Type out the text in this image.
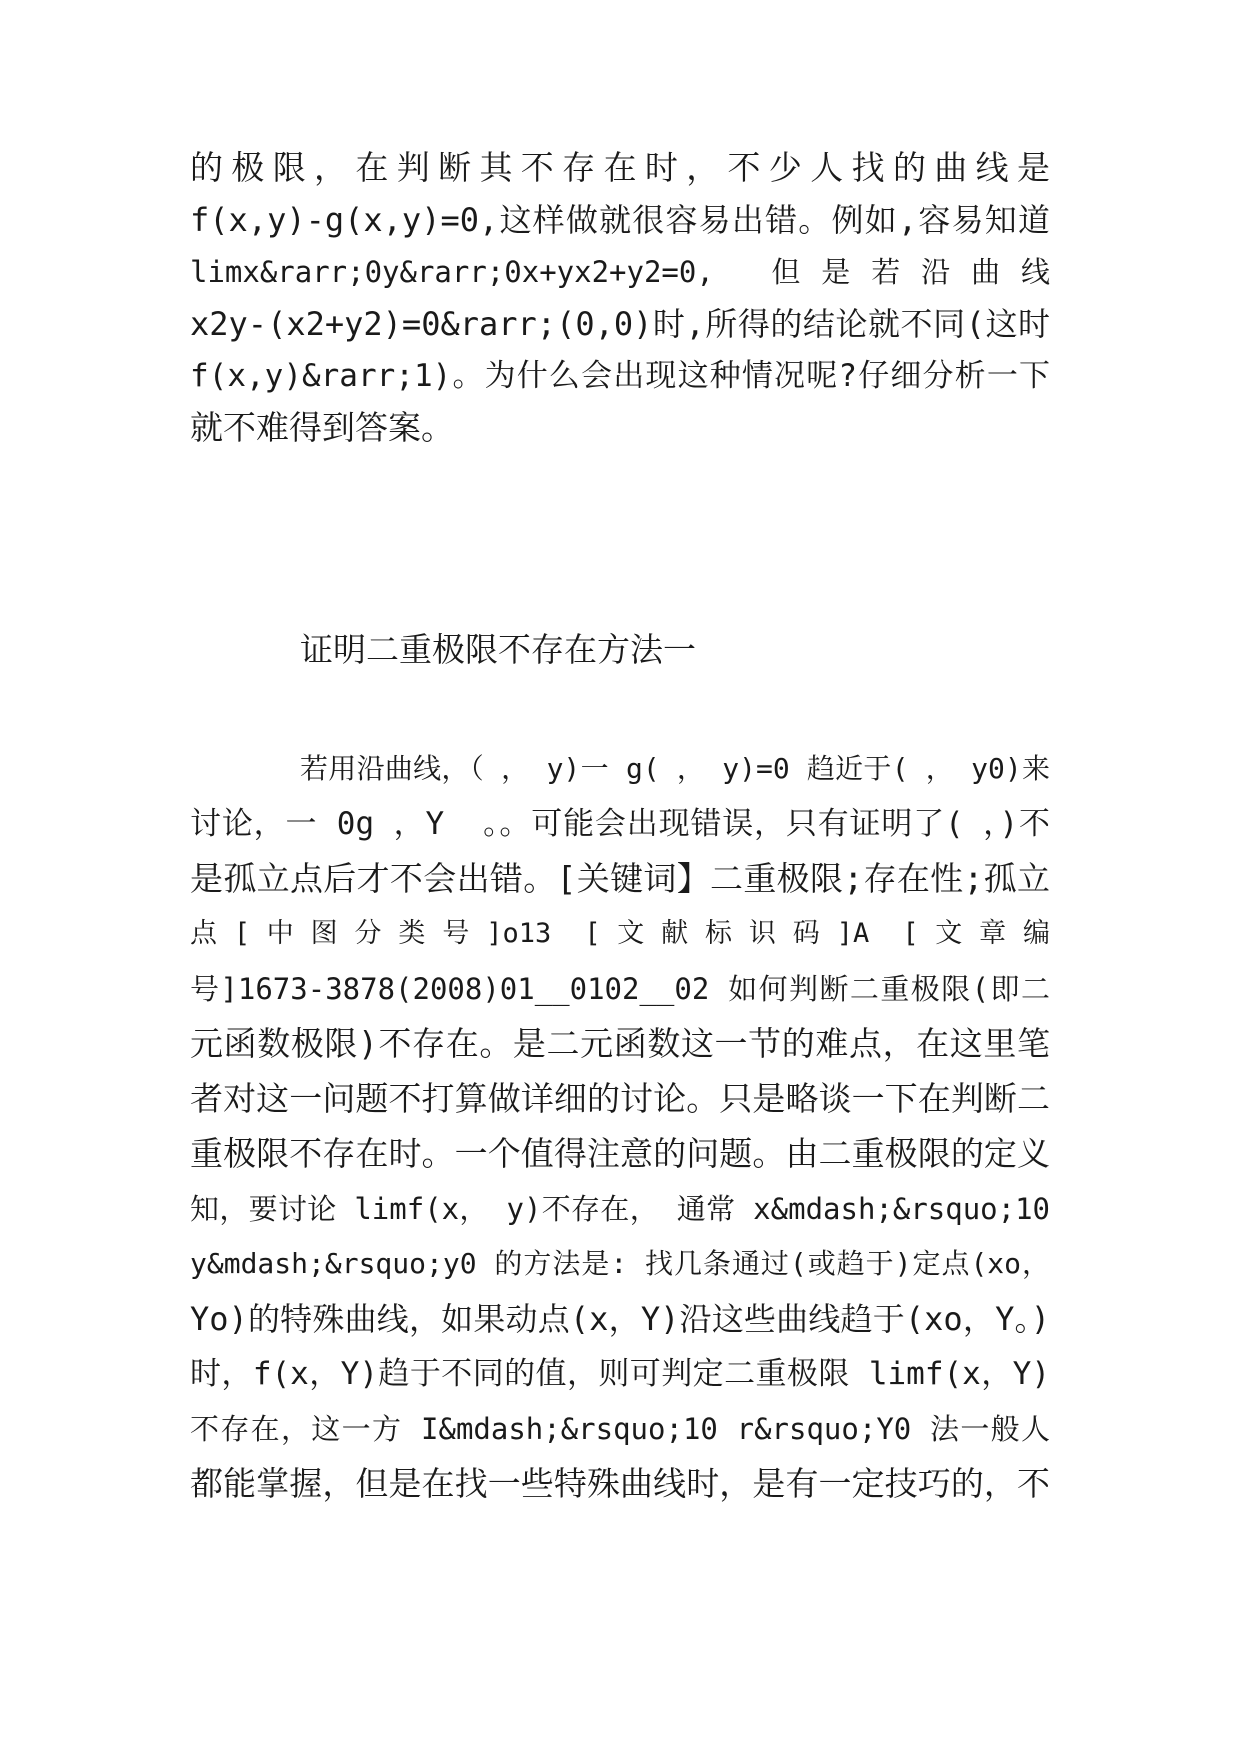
的极限，在判断其不存在时，不少人找的曲线是
f(x,y)-g(x,y)=0,这样做就很容易出错。例如,容易知道
limx&rarr;0y&rarr;0x+yx2+y2=0,   但 是 若 沿 曲 线
x2y-(x2+y2)=0&rarr;(0,0)时,所得的结论就不同(这时
f(x,y)&rarr;1)。为什么会出现这种情况呢?仔细分析一下
就不难得到答案。
证明二重极限不存在方法一
若用沿曲线，（ ， y)一 g( ， y)=0 趋近于( ， y0)来
讨论，一 0g ，Y  。。可能会出现错误，只有证明了( ，)不
是孤立点后才不会出错。[关键词】二重极限;存在性;孤立
点 [ 中 图 分 类 号 ]o13  [ 文 献 标 识 码 ]A  [ 文 章 编
号]1673-3878(2008)01__0102__02 如何判断二重极限(即二
元函数极限)不存在。是二元函数这一节的难点，在这里笔
者对这一问题不打算做详细的讨论。只是略谈一下在判断二
重极限不存在时。一个值得注意的问题。由二重极限的定义
知，要讨论 limf(x， y)不存在， 通常 x&mdash;&rsquo;10
y&mdash;&rsquo;y0 的方法是: 找几条通过(或趋于)定点(xo，
Yo)的特殊曲线，如果动点(x，Y)沿这些曲线趋于(xo，Y。)
时，f(x，Y)趋于不同的值，则可判定二重极限 limf(x，Y)
不存在，这一方 I&mdash;&rsquo;10 r&rsquo;Y0 法一般人
都能掌握，但是在找一些特殊曲线时，是有一定技巧的，不
